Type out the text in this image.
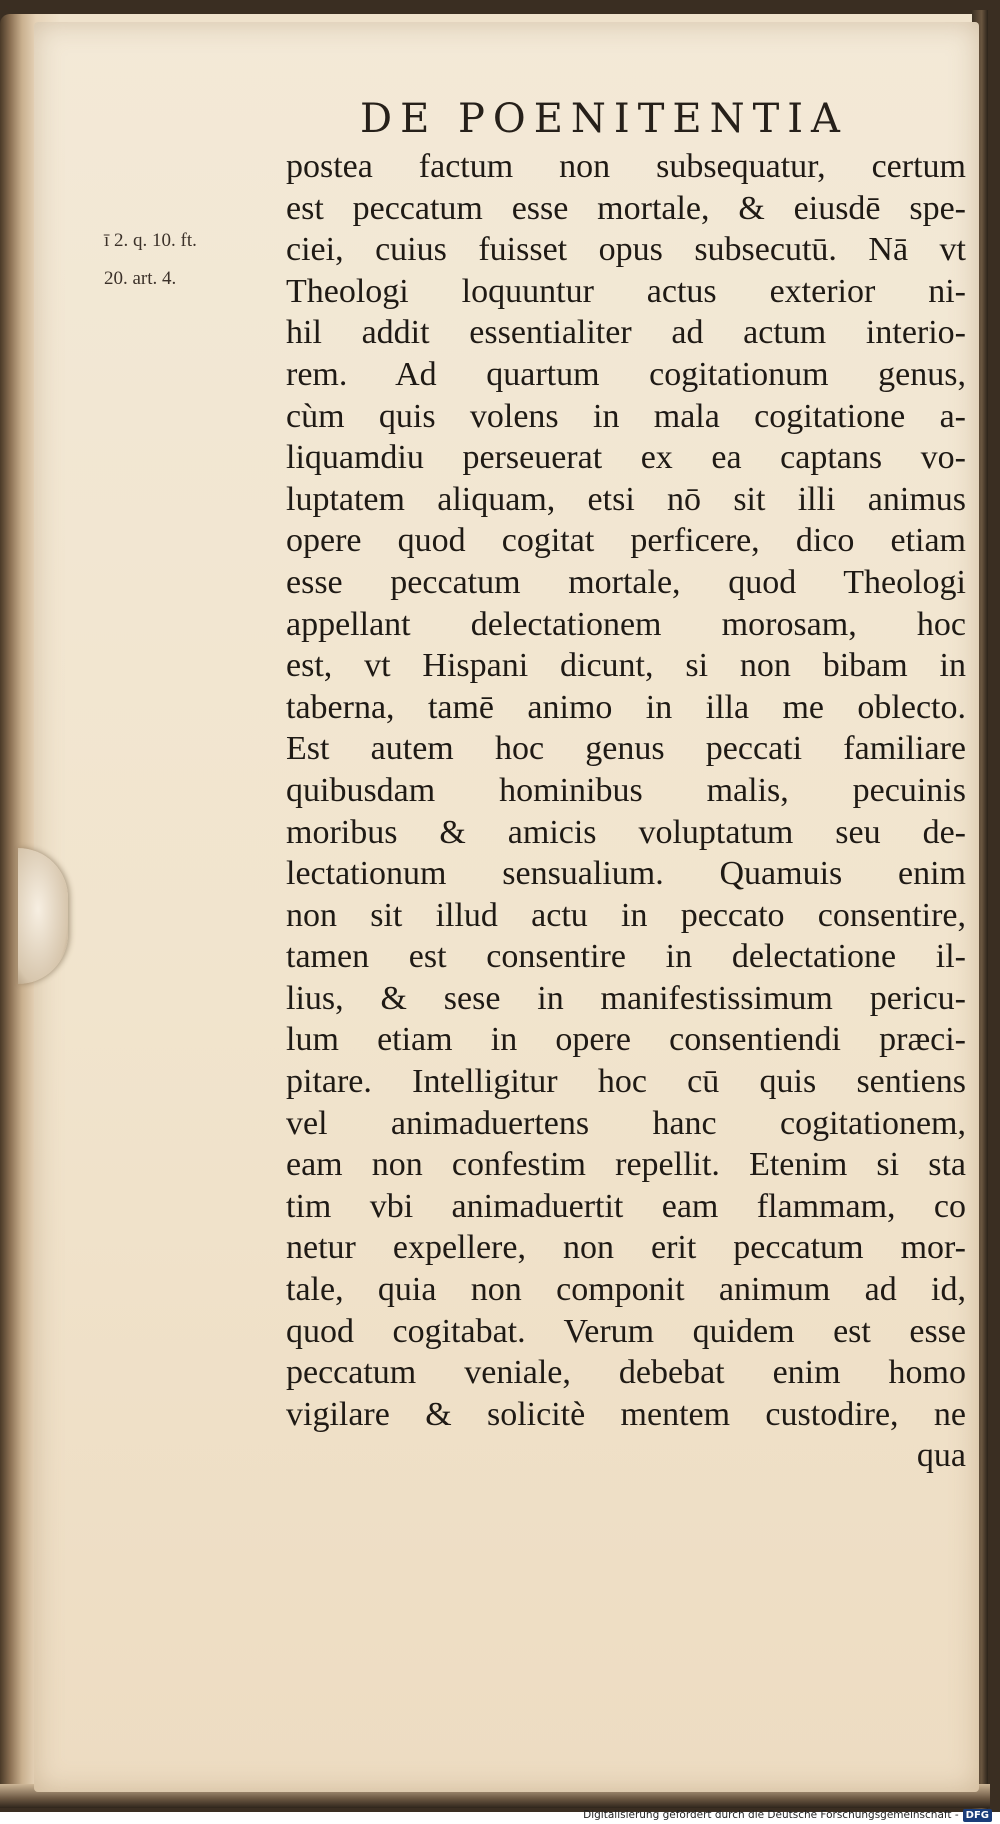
DE POENITENTIA
ī 2. q. 10. ft.
20. art. 4.
postea factum non subsequatur, certum
est peccatum esse mortale, & eiusdē spe-
ciei, cuius fuisset opus subsecutū. Nā vt
Theologi loquuntur actus exterior ni-
hil addit essentialiter ad actum interio-
rem. Ad quartum cogitationum genus,
cùm quis volens in mala cogitatione a-
liquamdiu perseuerat ex ea captans vo-
luptatem aliquam, etsi nō sit illi animus
opere quod cogitat perficere, dico etiam
esse peccatum mortale, quod Theologi
appellant delectationem morosam, hoc
est, vt Hispani dicunt, si non bibam in
taberna, tamē animo in illa me oblecto.
Est autem hoc genus peccati familiare
quibusdam hominibus malis, pecuinis
moribus & amicis voluptatum seu de-
lectationum sensualium. Quamuis enim
non sit illud actu in peccato consentire,
tamen est consentire in delectatione il-
lius, & sese in manifestissimum pericu-
lum etiam in opere consentiendi præci-
pitare. Intelligitur hoc cū quis sentiens
vel animaduertens hanc cogitationem,
eam non confestim repellit. Etenim si sta
tim vbi animaduertit eam flammam, co
netur expellere, non erit peccatum mor-
tale, quia non componit animum ad id,
quod cogitabat. Verum quidem est esse
peccatum veniale, debebat enim homo
vigilare & solicitè mentem custodire, ne
qua
Digitalisierung gefördert durch die Deutsche Forschungsgemeinschaft - DFG
